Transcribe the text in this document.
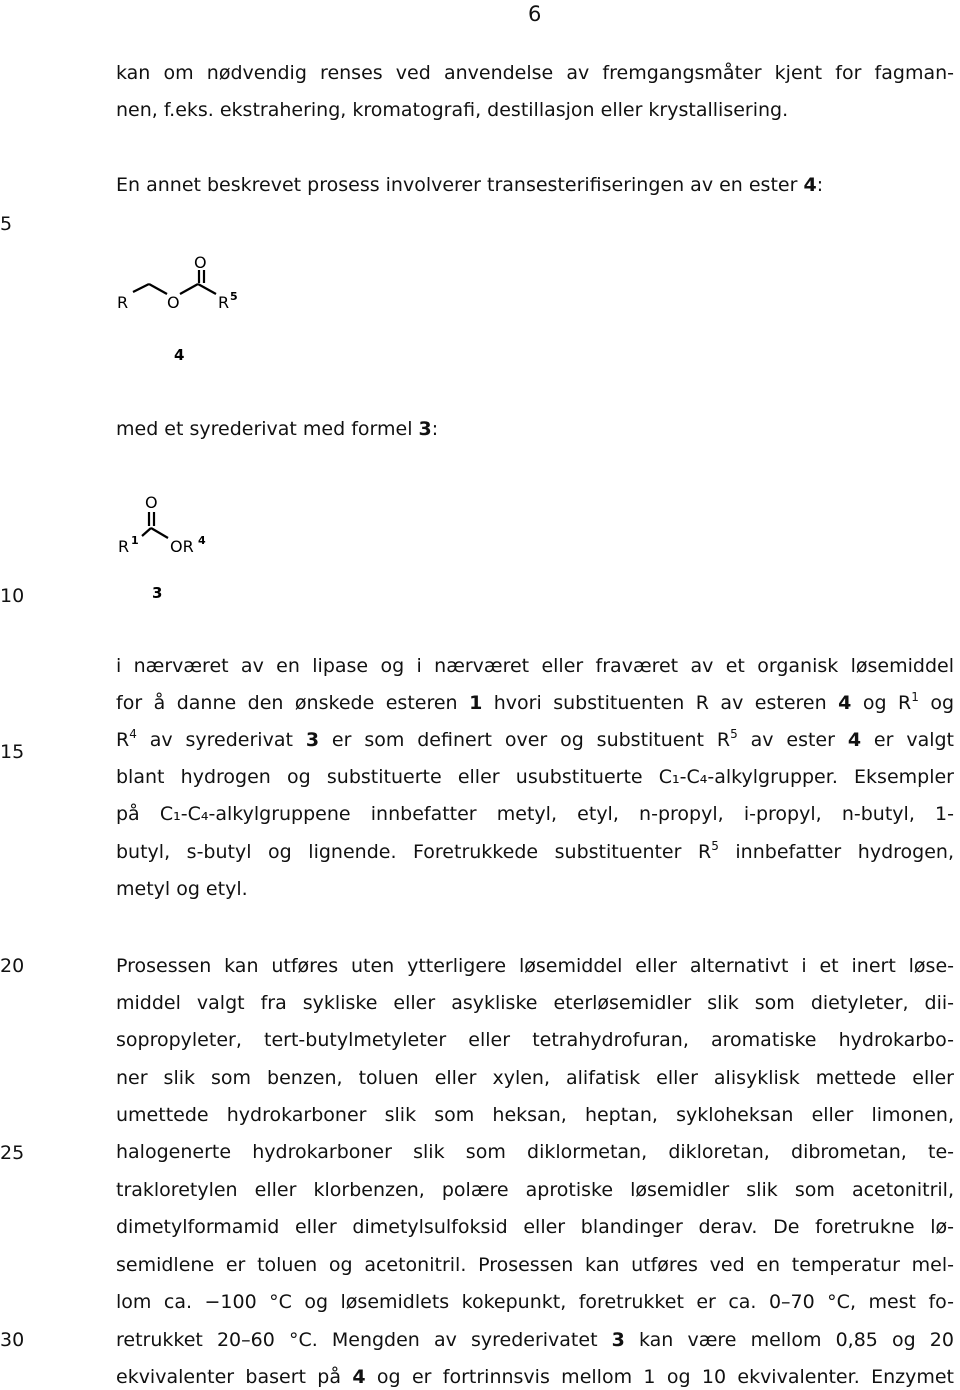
6
5
10
15
20
25
30
kan om nødvendig renses ved anvendelse av fremgangsmåter kjent for fagman-
nen, f.eks. ekstrahering, kromatografi, destillasjon eller krystallisering.
En annet beskrevet prosess involverer transesterifiseringen av en ester 4:
O
R O R 5
4
med et syrederivat med formel 3:
O
R 1 OR 4
3
i nærværet av en lipase og i nærværet eller fraværet av et organisk løsemiddel
for å danne den ønskede esteren 1 hvori substituenten R av esteren 4 og $R^1$ og
$R^4$ av syrederivat 3 er som definert over og substituent $R^5$ av ester 4 er valgt
blant hydrogen og substituerte eller usubstituerte C₁-C₄-alkylgrupper. Eksempler
på C₁-C₄-alkylgruppene innbefatter metyl, etyl, n-propyl, i-propyl, n-butyl, 1-
butyl, s-butyl og lignende. Foretrukkede substituenter $R^5$ innbefatter hydrogen,
metyl og etyl.
Prosessen kan utføres uten ytterligere løsemiddel eller alternativt i et inert løse-
middel valgt fra sykliske eller asykliske eterløsemidler slik som dietyleter, dii-
sopropyleter, tert-butylmetyleter eller tetrahydrofuran, aromatiske hydrokarbo-
ner slik som benzen, toluen eller xylen, alifatisk eller alisyklisk mettede eller
umettede hydrokarboner slik som heksan, heptan, sykloheksan eller limonen,
halogenerte hydrokarboner slik som diklormetan, dikloretan, dibrometan, te-
trakloretylen eller klorbenzen, polære aprotiske løsemidler slik som acetonitril,
dimetylformamid eller dimetylsulfoksid eller blandinger derav. De foretrukne lø-
semidlene er toluen og acetonitril. Prosessen kan utføres ved en temperatur mel-
lom ca. −100 °C og løsemidlets kokepunkt, foretrukket er ca. 0–70 °C, mest fo-
retrukket 20–60 °C. Mengden av syrederivatet 3 kan være mellom 0,85 og 20
ekvivalenter basert på 4 og er fortrinnsvis mellom 1 og 10 ekvivalenter. Enzymet
